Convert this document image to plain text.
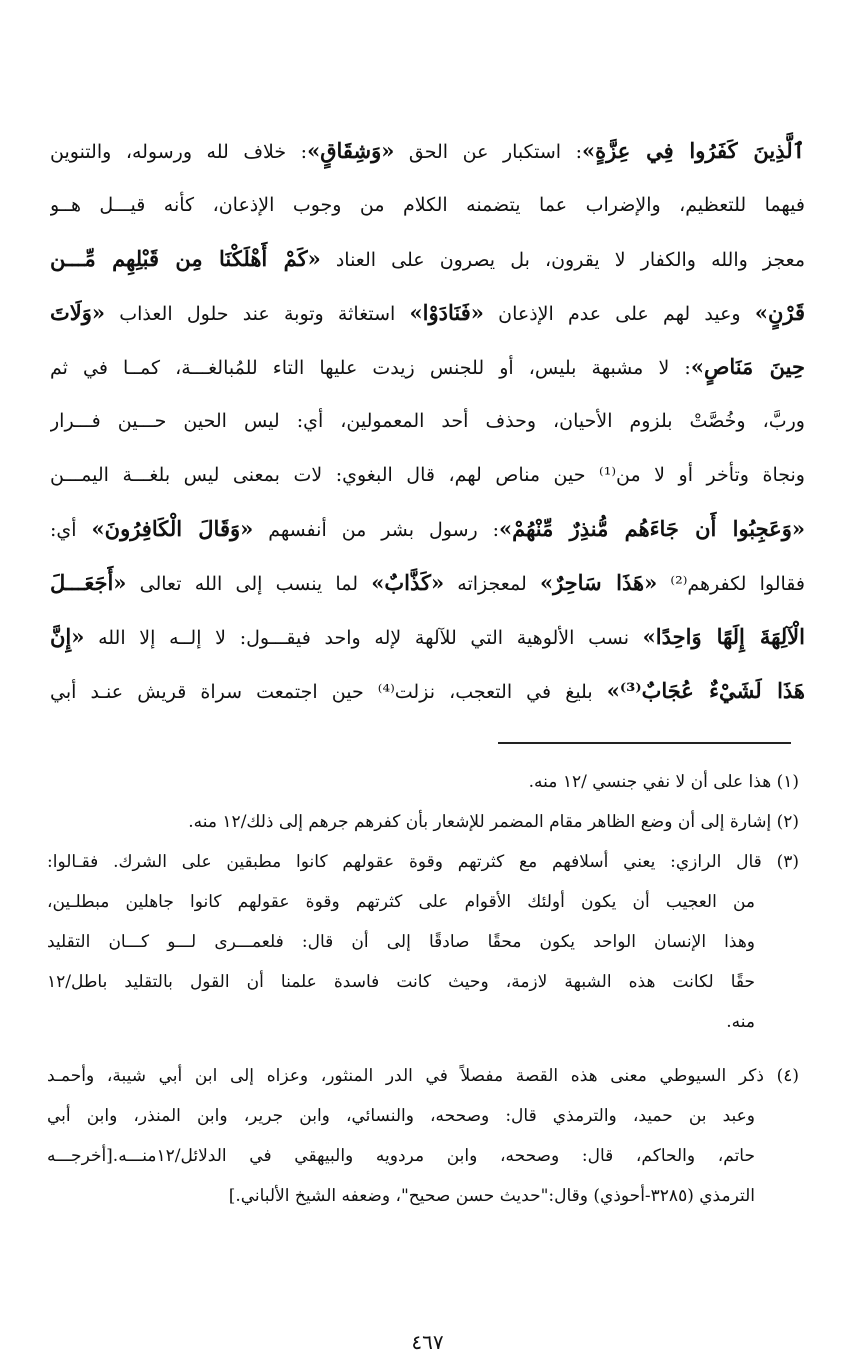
ٱلَّذِينَ كَفَرُوا فِي عِزَّةٍ»: استكبار عن الحق «وَشِقَاقٍ»: خلاف لله ورسوله، والتنوين
فيهما للتعظيم، والإضراب عما يتضمنه الكلام من وجوب الإذعان، كأنه قيـــل هــو
معجز والله والكفار لا يقرون، بل يصرون على العناد «كَمْ أَهْلَكْنَا مِن قَبْلِهِم مِّـــن
قَرْنٍ» وعيد لهم على عدم الإذعان «فَنَادَوْا» استغاثة وتوبة عند حلول العذاب «وَلَاتَ
حِينَ مَنَاصٍ»: لا مشبهة بليس، أو للجنس زيدت عليها التاء للمُبالغـــة، كمــا في ثم
وربَّ، وخُصَّتْ بلزوم الأحيان، وحذف أحد المعمولين، أي: ليس الحين حـــين فـــرار
ونجاة وتأخر أو لا من⁽¹⁾ حين مناص لهم، قال البغوي: لات بمعنى ليس بلغـــة اليمـــن
«وَعَجِبُوا أَن جَاءَهُم مُّنذِرٌ مِّنْهُمْ»: رسول بشر من أنفسهم «وَقَالَ الْكَافِرُونَ» أي:
فقالوا لكفرهم⁽²⁾ «هَذَا سَاحِرٌ» لمعجزاته «كَذَّابٌ» لما ينسب إلى الله تعالى «أَجَعَـــلَ
الْآلِهَةَ إِلَهًا وَاحِدًا» نسب الألوهية التي للآلهة لإله واحد فيقـــول: لا إلــه إلا الله «إِنَّ
هَذَا لَشَيْءٌ عُجَابٌ⁽³⁾» بليغ في التعجب، نزلت⁽⁴⁾ حين اجتمعت سراة قريش عنـد أبي
(١) هذا على أن لا نفي جنسي /١٢ منه.
(٢) إشارة إلى أن وضع الظاهر مقام المضمر للإشعار بأن كفرهم جرهم إلى ذلك/١٢ منه.
(٣) قال الرازي: يعني أسلافهم مع كثرتهم وقوة عقولهم كانوا مطبقين على الشرك. فقـالوا:
من العجيب أن يكون أولئك الأقوام على كثرتهم وقوة عقولهم كانوا جاهلين مبطلـين،
وهذا الإنسان الواحد يكون محقًا صادقًا إلى أن قال: فلعمـــرى لـــو كـــان التقليد
حقًا لكانت هذه الشبهة لازمة، وحيث كانت فاسدة علمنا أن القول بالتقليد باطل/١٢
منه.
(٤) ذكر السيوطي معنى هذه القصة مفصلاً في الدر المنثور، وعزاه إلى ابن أبي شيبة، وأحمـد
وعبد بن حميد، والترمذي قال: وصححه، والنسائي، وابن جرير، وابن المنذر، وابن أبي
حاتم، والحاكم، قال: وصححه، وابن مردويه والبيهقي في الدلائل/١٢منـــه.[أخرجـــه
الترمذي (٣٢٨٥-أحوذي) وقال:"حديث حسن صحيح"، وضعفه الشيخ الألباني.]
٤٦٧
